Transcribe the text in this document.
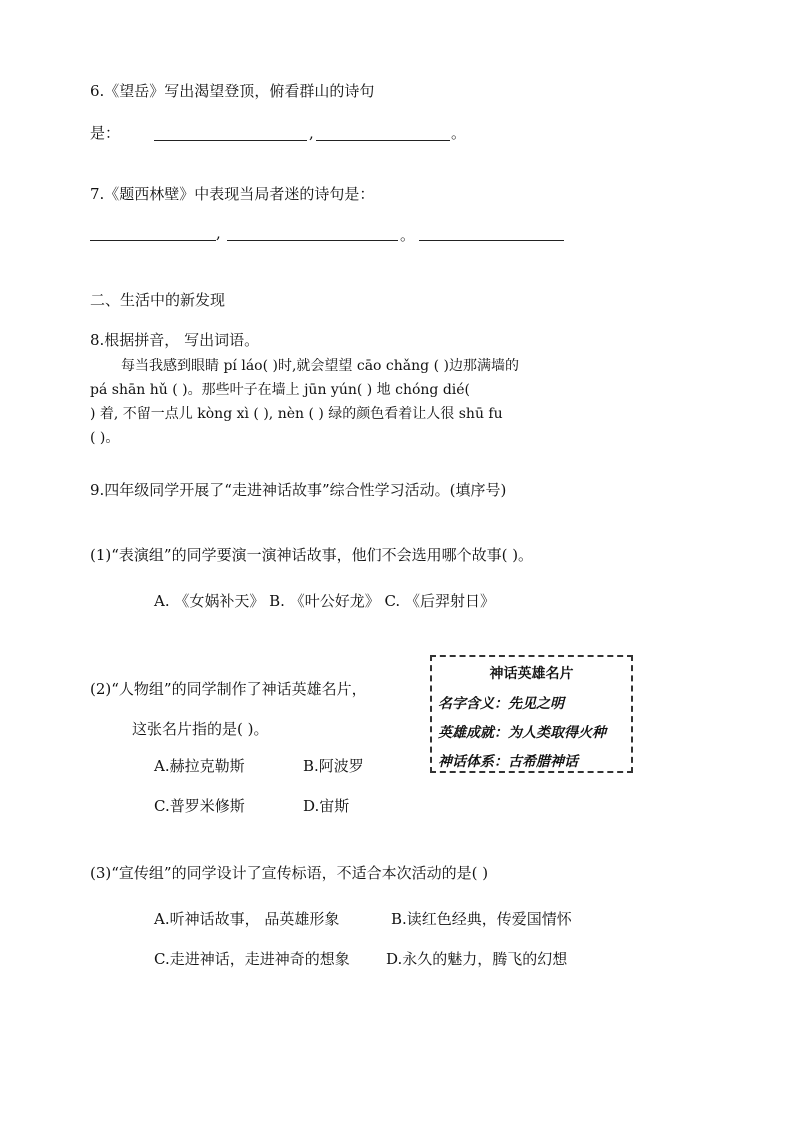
6.《望岳》写出渴望登顶，俯看群山的诗句
是：	,	。
7.《题西林壁》中表现当局者迷的诗句是：
,	。
二、生活中的新发现
8.根据拼音， 写出词语。
每当我感到眼睛 pí láo( )时,就会望望 cāo chǎng ( )边那满墙的
pá shān hǔ ( )。那些叶子在墙上 jūn yún( ) 地 chóng dié(
) 着, 不留一点儿 kòng xì ( ), nèn ( ) 绿的颜色看着让人很 shū fu
( )。
9.四年级同学开展了“走进神话故事”综合性学习活动。(填序号)
(1)“表演组”的同学要演一演神话故事，他们不会选用哪个故事( )。
A. 《女娲补天》 B. 《叶公好龙》 C. 《后羿射日》
(2)“人物组”的同学制作了神话英雄名片，
这张名片指的是( )。
A.赫拉克勒斯	B.阿波罗
C.普罗米修斯	D.宙斯
神话英雄名片
名字含义：先见之明
英雄成就：为人类取得火种
神话体系：古希腊神话
(3)“宣传组”的同学设计了宣传标语，不适合本次活动的是( )
A.听神话故事， 品英雄形象	B.读红色经典，传爱国情怀
C.走进神话，走进神奇的想象 D.永久的魅力，腾飞的幻想
